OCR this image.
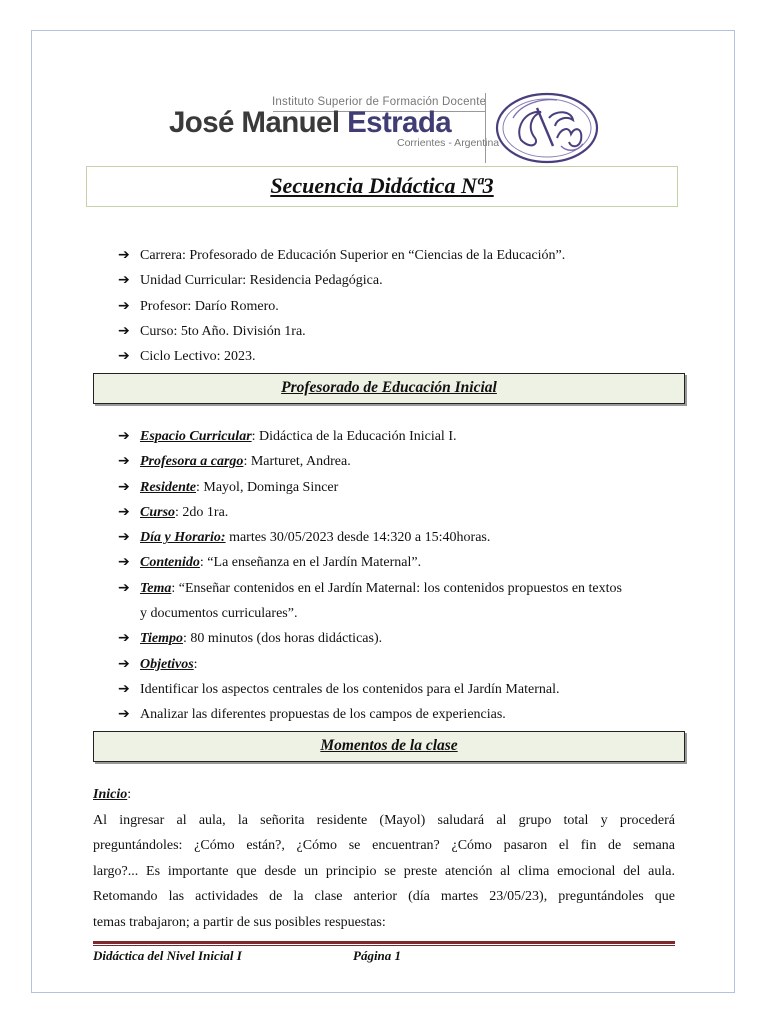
Instituto Superior de Formación Docente
José Manuel Estrada
Corrientes - Argentina
Secuencia Didáctica Nª3
➔ Carrera: Profesorado de Educación Superior en “Ciencias de la Educación”.
➔ Unidad Curricular: Residencia Pedagógica.
➔ Profesor: Darío Romero.
➔ Curso: 5to Año. División 1ra.
➔ Ciclo Lectivo: 2023.
Profesorado de Educación Inicial
➔ Espacio Curricular: Didáctica de la Educación Inicial I.
➔ Profesora a cargo: Marturet, Andrea.
➔ Residente: Mayol, Dominga Sincer
➔ Curso: 2do 1ra.
➔ Día y Horario: martes 30/05/2023 desde 14:320 a 15:40horas.
➔ Contenido: “La enseñanza en el Jardín Maternal”.
➔ Tema: “Enseñar contenidos en el Jardín Maternal: los contenidos propuestos en textos
y documentos curriculares”.
➔ Tiempo: 80 minutos (dos horas didácticas).
➔ Objetivos:
➔ Identificar los aspectos centrales de los contenidos para el Jardín Maternal.
➔ Analizar las diferentes propuestas de los campos de experiencias.
Momentos de la clase
Inicio:
Al ingresar al aula, la señorita residente (Mayol) saludará al grupo total y procederá
preguntándoles: ¿Cómo están?, ¿Cómo se encuentran? ¿Cómo pasaron el fin de semana
largo?... Es importante que desde un principio se preste atención al clima emocional del aula.
Retomando las actividades de la clase anterior (día martes 23/05/23), preguntándoles que
temas trabajaron; a partir de sus posibles respuestas:
Didáctica del Nivel Inicial I	Página 1
